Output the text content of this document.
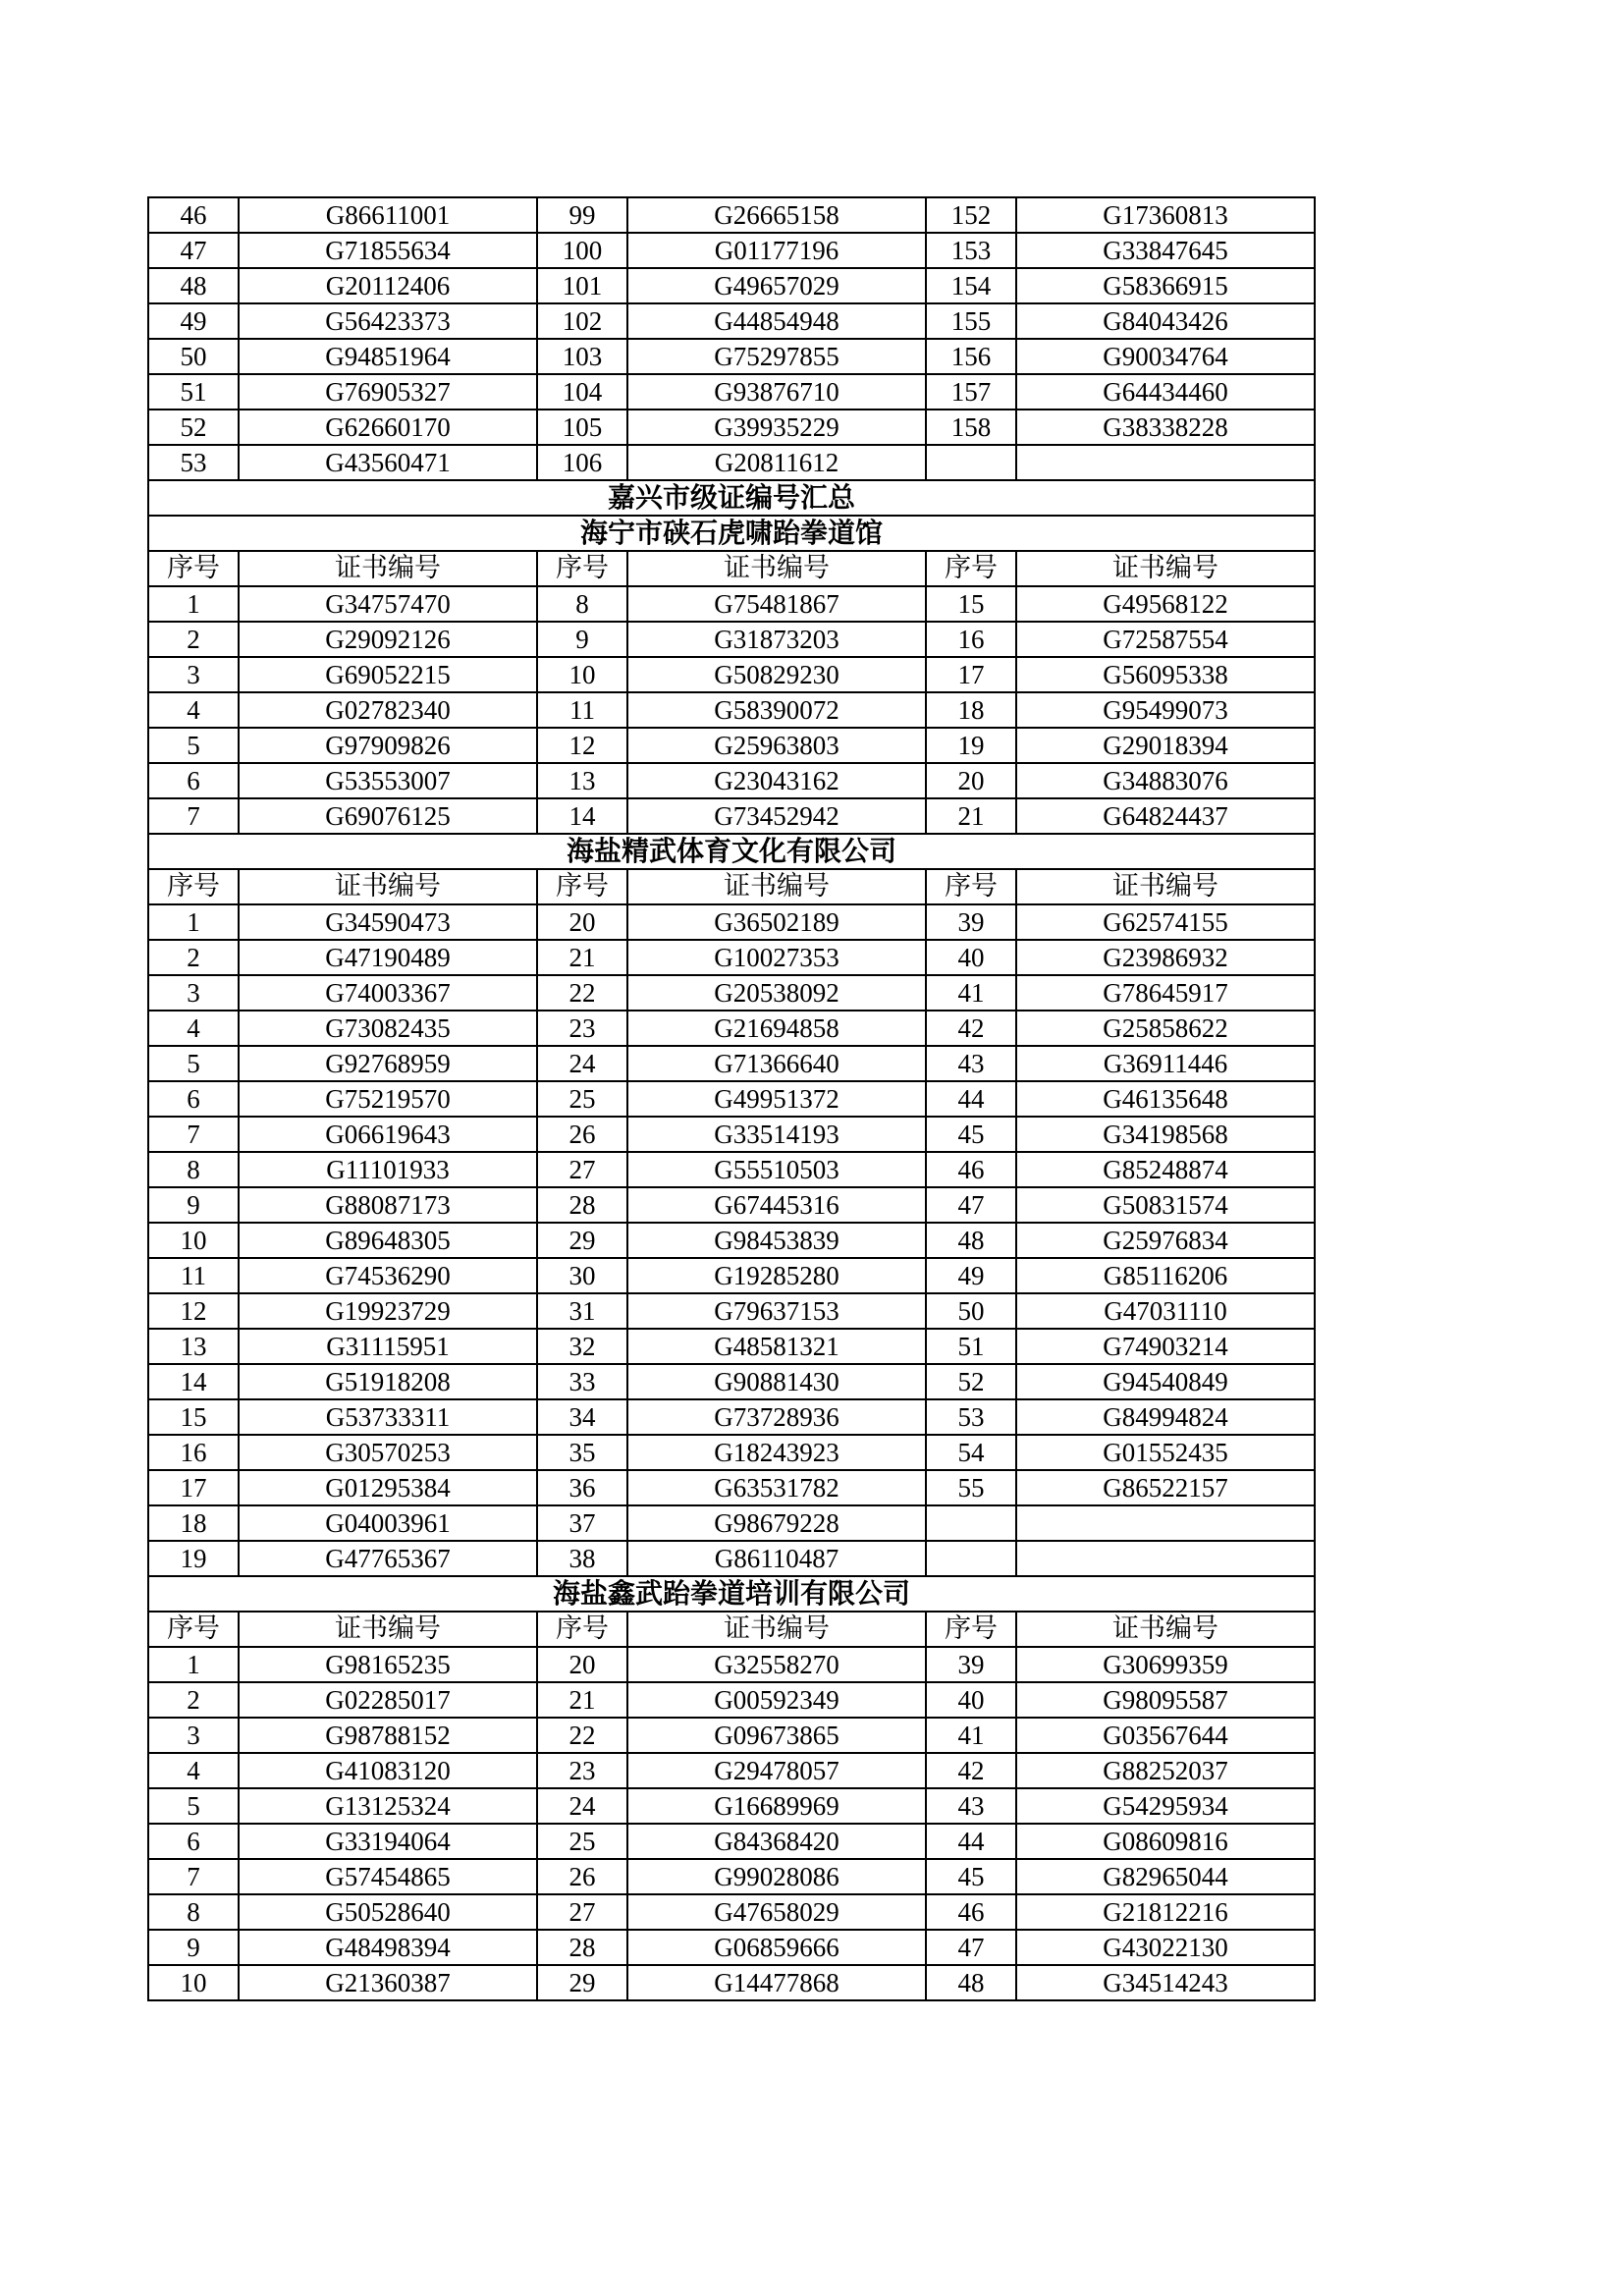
46	G86611001	99	G26665158	152	G17360813
47	G71855634	100	G01177196	153	G33847645
48	G20112406	101	G49657029	154	G58366915
49	G56423373	102	G44854948	155	G84043426
50	G94851964	103	G75297855	156	G90034764
51	G76905327	104	G93876710	157	G64434460
52	G62660170	105	G39935229	158	G38338228
53	G43560471	106	G20811612		
嘉兴市级证编号汇总					
海宁市硖石虎啸跆拳道馆					
序号	证书编号	序号	证书编号	序号	证书编号
1	G34757470	8	G75481867	15	G49568122
2	G29092126	9	G31873203	16	G72587554
3	G69052215	10	G50829230	17	G56095338
4	G02782340	11	G58390072	18	G95499073
5	G97909826	12	G25963803	19	G29018394
6	G53553007	13	G23043162	20	G34883076
7	G69076125	14	G73452942	21	G64824437
海盐精武体育文化有限公司					
序号	证书编号	序号	证书编号	序号	证书编号
1	G34590473	20	G36502189	39	G62574155
2	G47190489	21	G10027353	40	G23986932
3	G74003367	22	G20538092	41	G78645917
4	G73082435	23	G21694858	42	G25858622
5	G92768959	24	G71366640	43	G36911446
6	G75219570	25	G49951372	44	G46135648
7	G06619643	26	G33514193	45	G34198568
8	G11101933	27	G55510503	46	G85248874
9	G88087173	28	G67445316	47	G50831574
10	G89648305	29	G98453839	48	G25976834
11	G74536290	30	G19285280	49	G85116206
12	G19923729	31	G79637153	50	G47031110
13	G31115951	32	G48581321	51	G74903214
14	G51918208	33	G90881430	52	G94540849
15	G53733311	34	G73728936	53	G84994824
16	G30570253	35	G18243923	54	G01552435
17	G01295384	36	G63531782	55	G86522157
18	G04003961	37	G98679228		
19	G47765367	38	G86110487		
海盐鑫武跆拳道培训有限公司					
序号	证书编号	序号	证书编号	序号	证书编号
1	G98165235	20	G32558270	39	G30699359
2	G02285017	21	G00592349	40	G98095587
3	G98788152	22	G09673865	41	G03567644
4	G41083120	23	G29478057	42	G88252037
5	G13125324	24	G16689969	43	G54295934
6	G33194064	25	G84368420	44	G08609816
7	G57454865	26	G99028086	45	G82965044
8	G50528640	27	G47658029	46	G21812216
9	G48498394	28	G06859666	47	G43022130
10	G21360387	29	G14477868	48	G34514243
